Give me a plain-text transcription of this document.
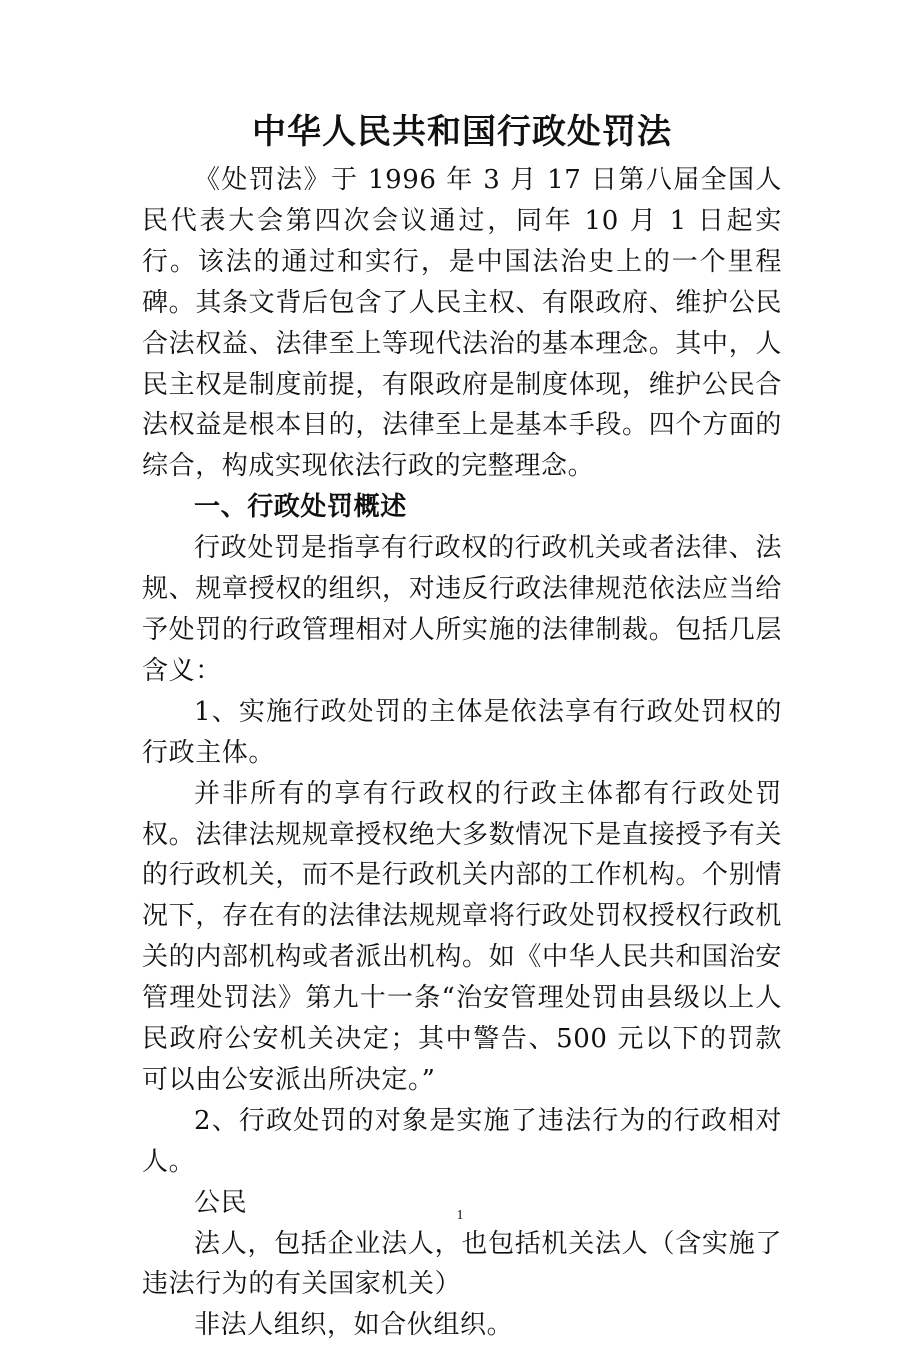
中华人民共和国行政处罚法

《处罚法》于 1996 年 3 月 17 日第八届全国人民代表大会第四次会议通过，同年 10 月 1 日起实行。该法的通过和实行，是中国法治史上的一个里程碑。其条文背后包含了人民主权、有限政府、维护公民合法权益、法律至上等现代法治的基本理念。其中，人民主权是制度前提，有限政府是制度体现，维护公民合法权益是根本目的，法律至上是基本手段。四个方面的综合，构成实现依法行政的完整理念。

一、行政处罚概述

行政处罚是指享有行政权的行政机关或者法律、法规、规章授权的组织，对违反行政法律规范依法应当给予处罚的行政管理相对人所实施的法律制裁。包括几层含义：

1、实施行政处罚的主体是依法享有行政处罚权的行政主体。

并非所有的享有行政权的行政主体都有行政处罚权。法律法规规章授权绝大多数情况下是直接授予有关的行政机关，而不是行政机关内部的工作机构。个别情况下，存在有的法律法规规章将行政处罚权授权行政机关的内部机构或者派出机构。如《中华人民共和国治安管理处罚法》第九十一条“治安管理处罚由县级以上人民政府公安机关决定；其中警告、500 元以下的罚款可以由公安派出所决定。”

2、行政处罚的对象是实施了违法行为的行政相对人。

公民

法人，包括企业法人，也包括机关法人（含实施了违法行为的有关国家机关）

非法人组织，如合伙组织。

1
